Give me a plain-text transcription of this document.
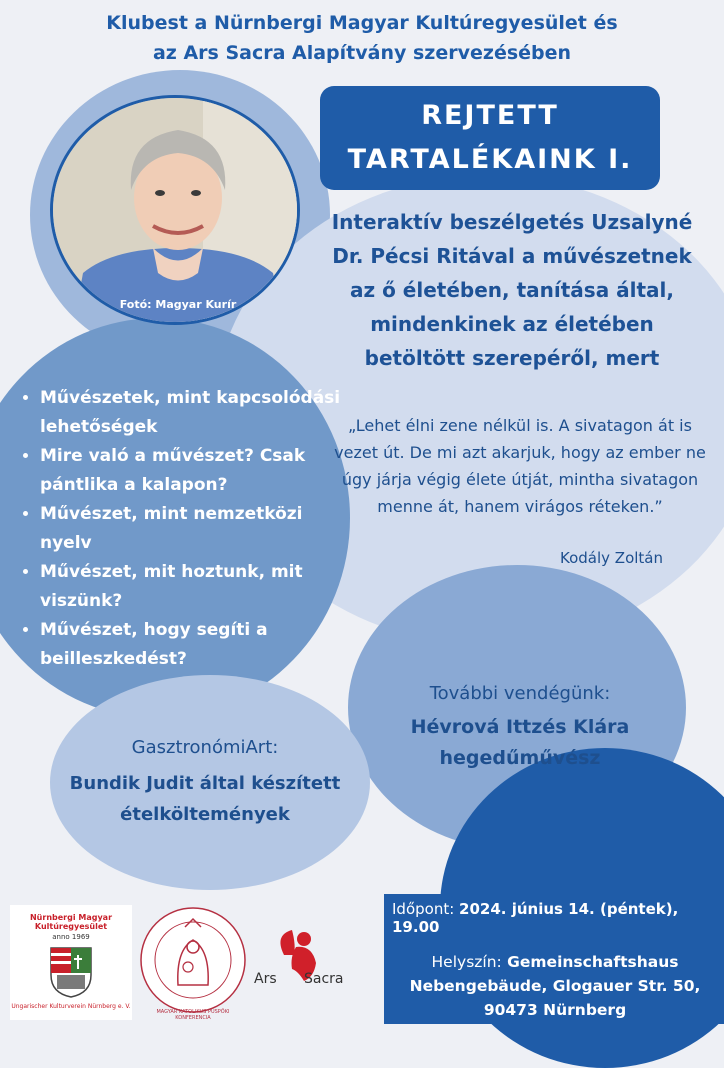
Klubest a Nürnbergi Magyar Kultúregyesület és
az Ars Sacra Alapítvány szervezésében
REJTETT
TARTALÉKAINK I.
Fotó: Magyar Kurír
Interaktív beszélgetés Uzsalyné Dr. Pécsi Ritával a művészetnek az ő életében, tanítása által, mindenkinek az életében betöltött szerepéről, mert
„Lehet élni zene nélkül is. A sivatagon át is vezet út. De mi azt akarjuk, hogy az ember ne úgy járja végig élete útját, mintha sivatagon menne át, hanem virágos réteken.”
Kodály Zoltán
• Művészetek, mint kapcsolódási lehetőségek
• Mire való a művészet? Csak pántlika a kalapon?
• Művészet, mint nemzetközi nyelv
• Művészet, mit hoztunk, mit viszünk?
• Művészet, hogy segíti a beilleszkedést?
További vendégünk:
Hévrová Ittzés Klára hegedűművész
GasztronómiArt:
Bundik Judit által készített ételköltemények
Időpont: 2024. június 14. (péntek), 19.00
Helyszín: Gemeinschaftshaus
Nebengebäude, Glogauer Str. 50,
90473 Nürnberg
Nürnbergi Magyar Kultúregyesület
anno 1969
Ungarischer Kulturverein Nürnberg e. V.
MAGYAR KATOLIKUS PÜSPÖKI KONFERENCIA
Ars Sacra
